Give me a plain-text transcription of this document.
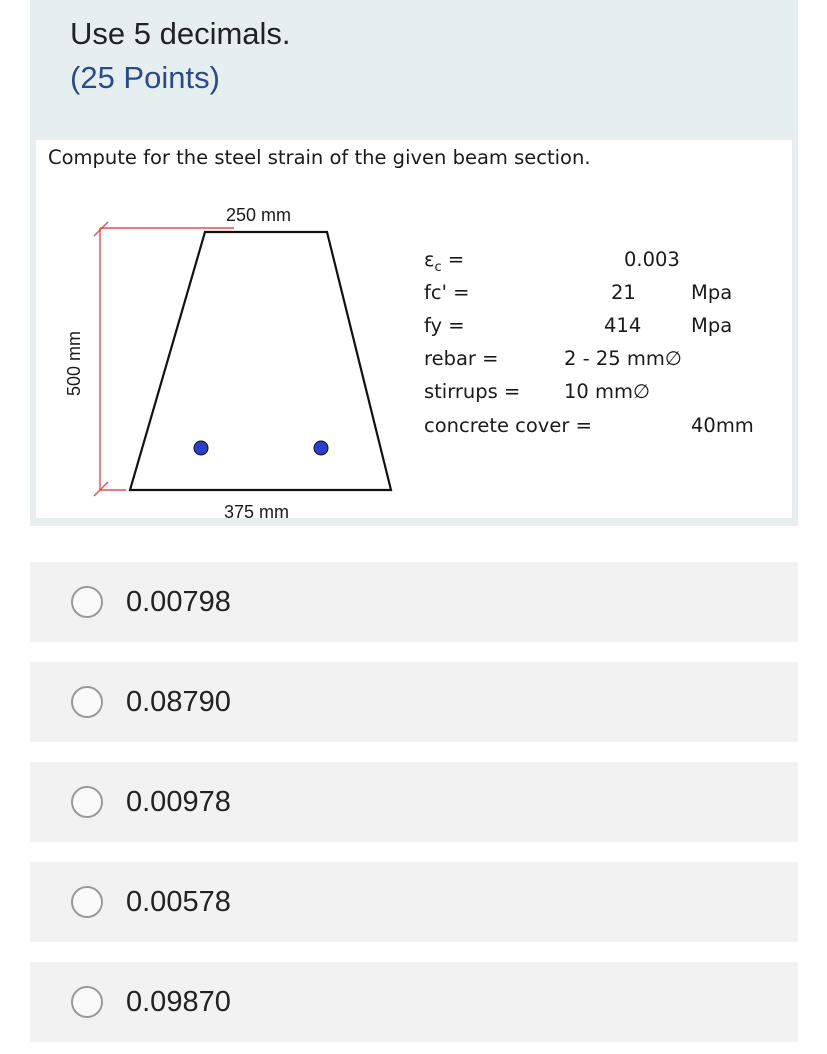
Use 5 decimals.
(25 Points)
Compute for the steel strain of the given beam section.
250 mm
375 mm
500 mm
$\varepsilon_c$ =	0.003
fc' =	21	Mpa
fy =	414	Mpa
rebar =	2 - 25 mm∅
stirrups = 10 mm∅
concrete cover =	40mm
0.00798
0.08790
0.00978
0.00578
0.09870
